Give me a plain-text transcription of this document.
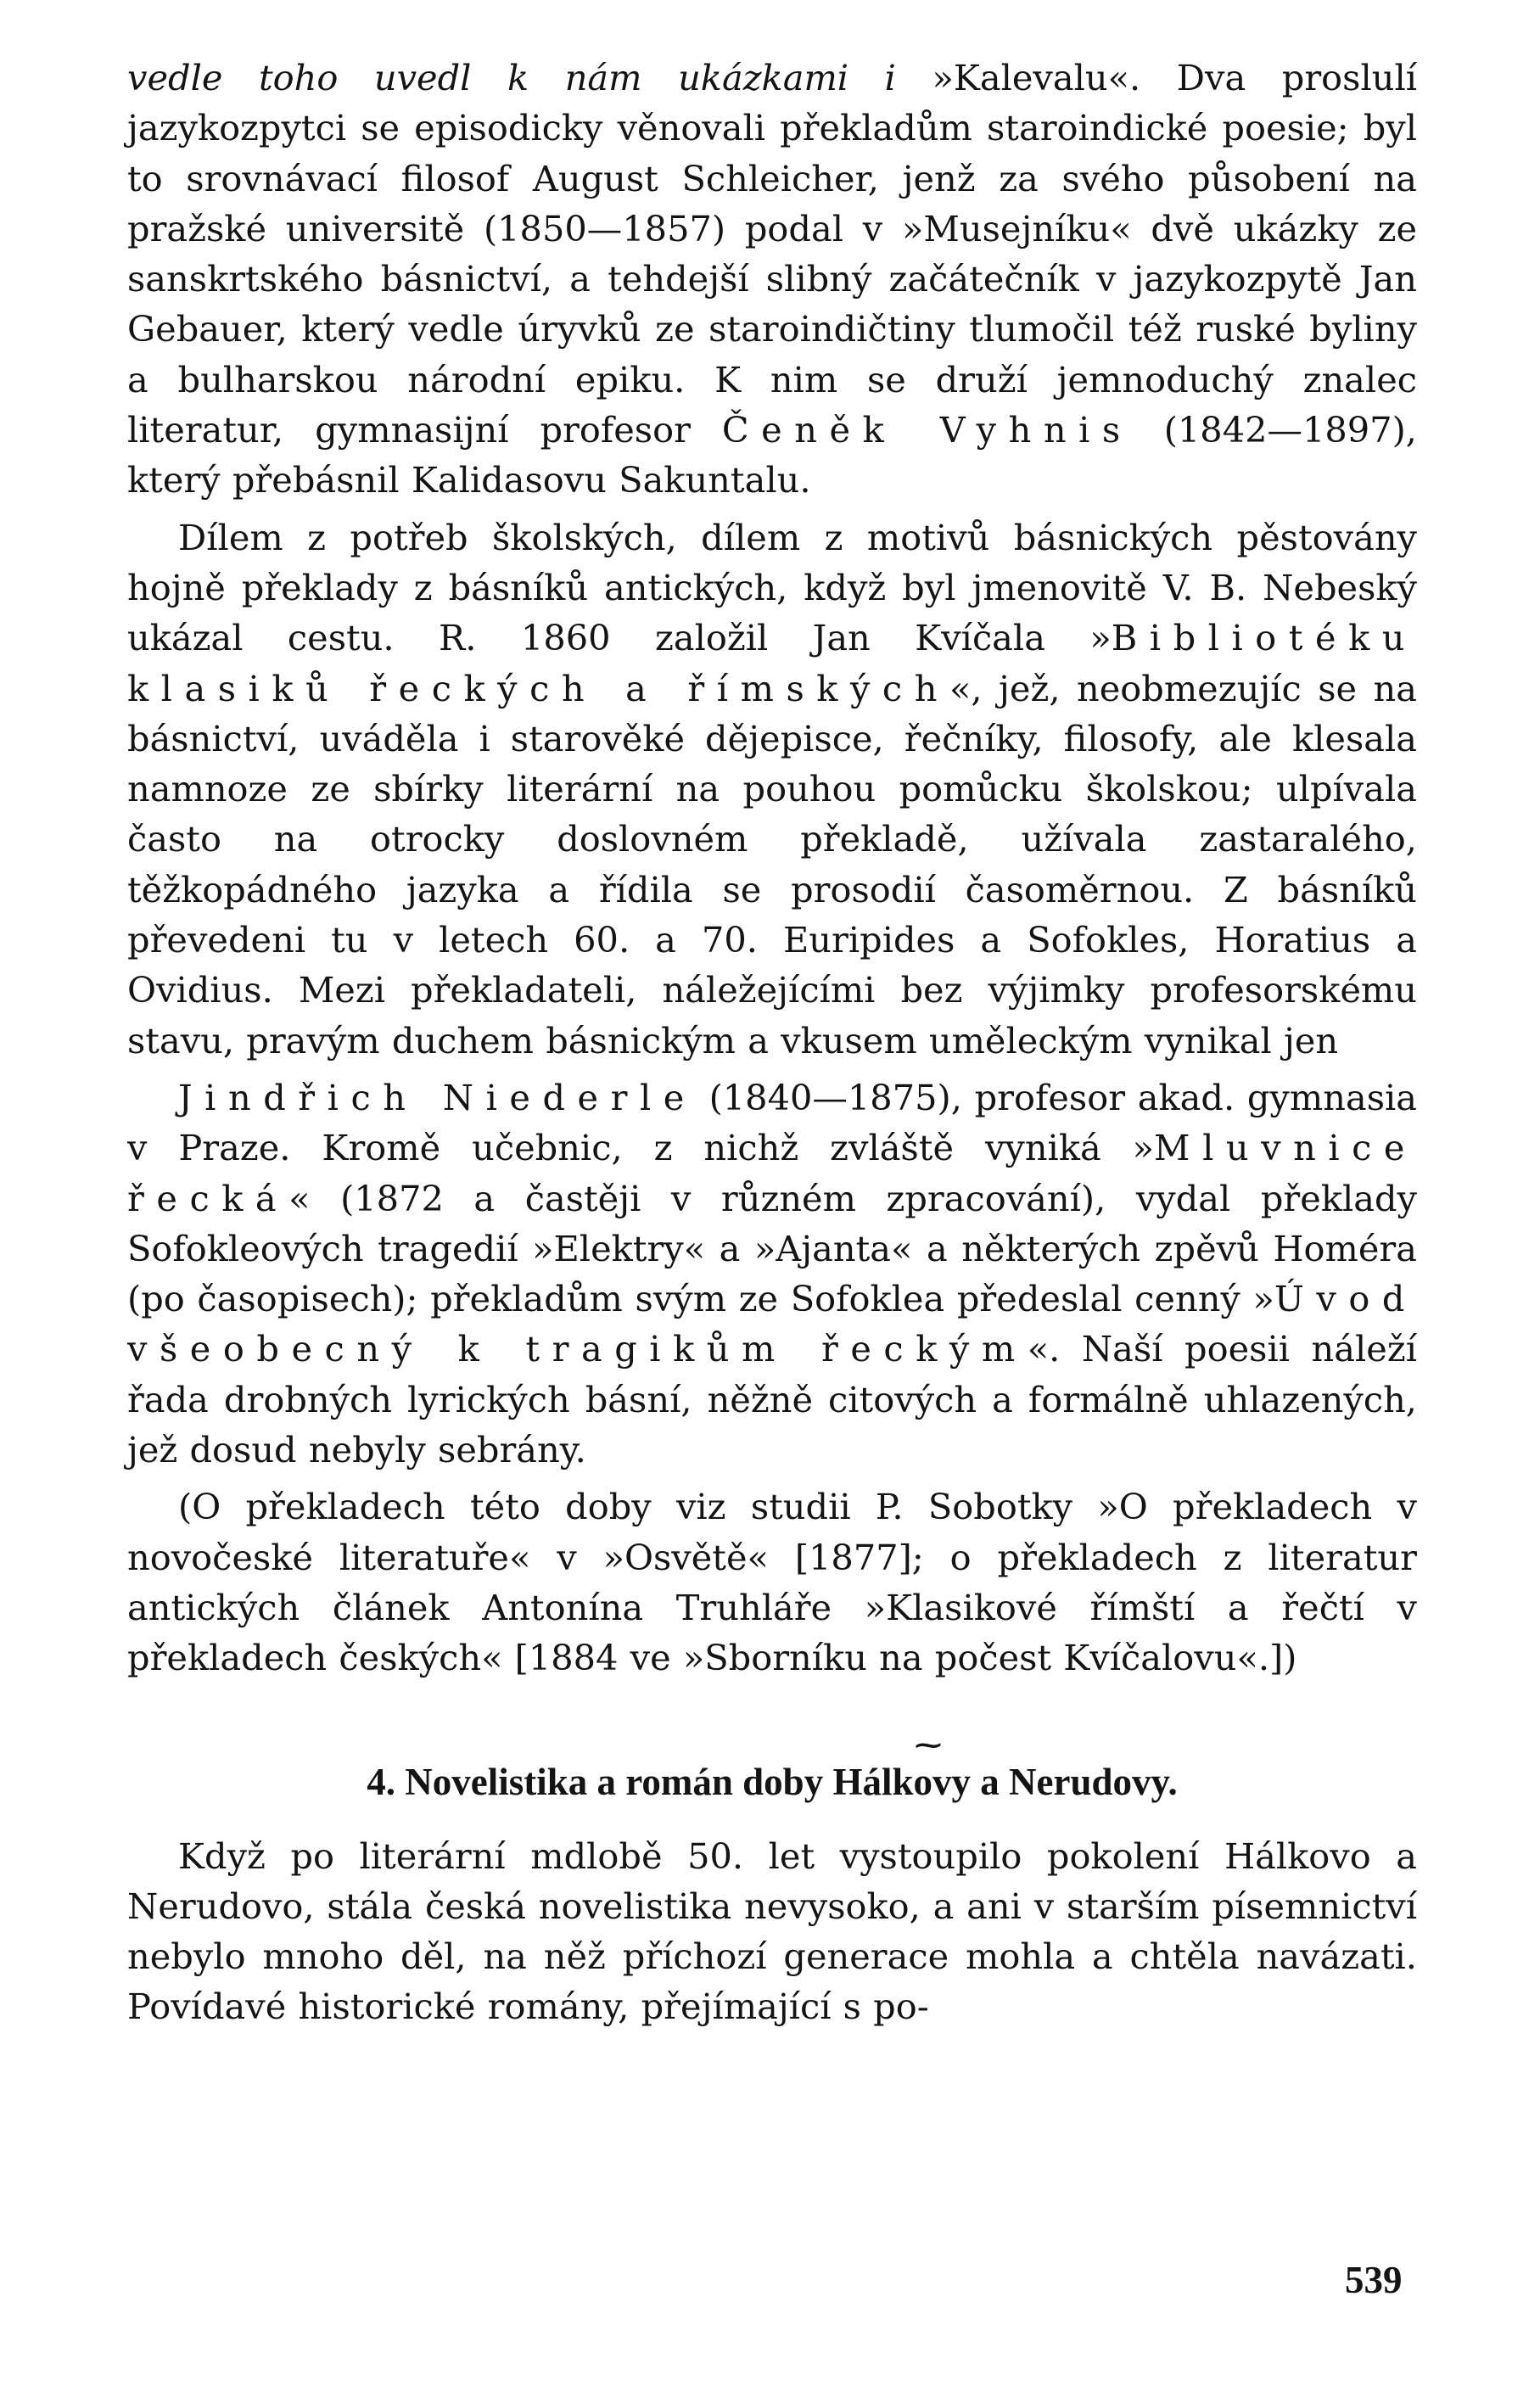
vedle toho uvedl k nám ukázkami i »Kalevalu«. Dva proslulí jazykozpytci se episodicky věnovali překladům staroindické poesie; byl to srovnávací filosof August Schleicher, jenž za svého působení na pražské universitě (1850—1857) podal v »Musejníku« dvě ukázky ze sanskrtského básnictví, a tehdejší slibný začátečník v jazykozpytě Jan Gebauer, který vedle úryvků ze staroindičtiny tlumočil též ruské byliny a bulharskou národní epiku. K nim se druží jemnoduchý znalec literatur, gymnasijní profesor Čeněk Vyhnis (1842—1897), který přebásnil Kalidasovu Sakuntalu.

Dílem z potřeb školských, dílem z motivů básnických pěstovány hojně překlady z básníků antických, když byl jmenovitě V. B. Nebeský ukázal cestu. R. 1860 založil Jan Kvíčala »Bibliotéku klasiků řeckých a římských«, jež, neobmezujíc se na básnictví, uváděla i starověké dějepisce, řečníky, filosofy, ale klesala namnoze ze sbírky literární na pouhou pomůcku školskou; ulpívala často na otrocky doslovném překladě, užívala zastaralého, těžkopádného jazyka a řídila se prosodií časoměrnou. Z básníků převedeni tu v letech 60. a 70. Euripides a Sofokles, Horatius a Ovidius. Mezi překladateli, náležejícími bez výjimky profesorskému stavu, pravým duchem básnickým a vkusem uměleckým vynikal jen

Jindřich Niederle (1840—1875), profesor akad. gymnasia v Praze. Kromě učebnic, z nichž zvláště vyniká »Mluvnice řecká« (1872 a častěji v různém zpracování), vydal překlady Sofokleových tragedií »Elektry« a »Ajanta« a některých zpěvů Homéra (po časopisech); překladům svým ze Sofoklea předeslal cenný »Úvod všeobecný k tragikům řeckým«. Naší poesii náleží řada drobných lyrických básní, něžně citových a formálně uhlazených, jež dosud nebyly sebrány.

(O překladech této doby viz studii P. Sobotky »O překladech v novočeské literatuře« v »Osvětě« [1877]; o překladech z literatur antických článek Antonína Truhláře »Klasikové římští a řečtí v překladech českých« [1884 ve »Sborníku na počest Kvíčalovu«.])

⁓

4. Novelistika a román doby Hálkovy a Nerudovy.

Když po literární mdlobě 50. let vystoupilo pokolení Hálkovo a Nerudovo, stála česká novelistika nevysoko, a ani v starším písemnictví nebylo mnoho děl, na něž příchozí generace mohla a chtěla navázati. Povídavé historické romány, přejímající s po-

539
